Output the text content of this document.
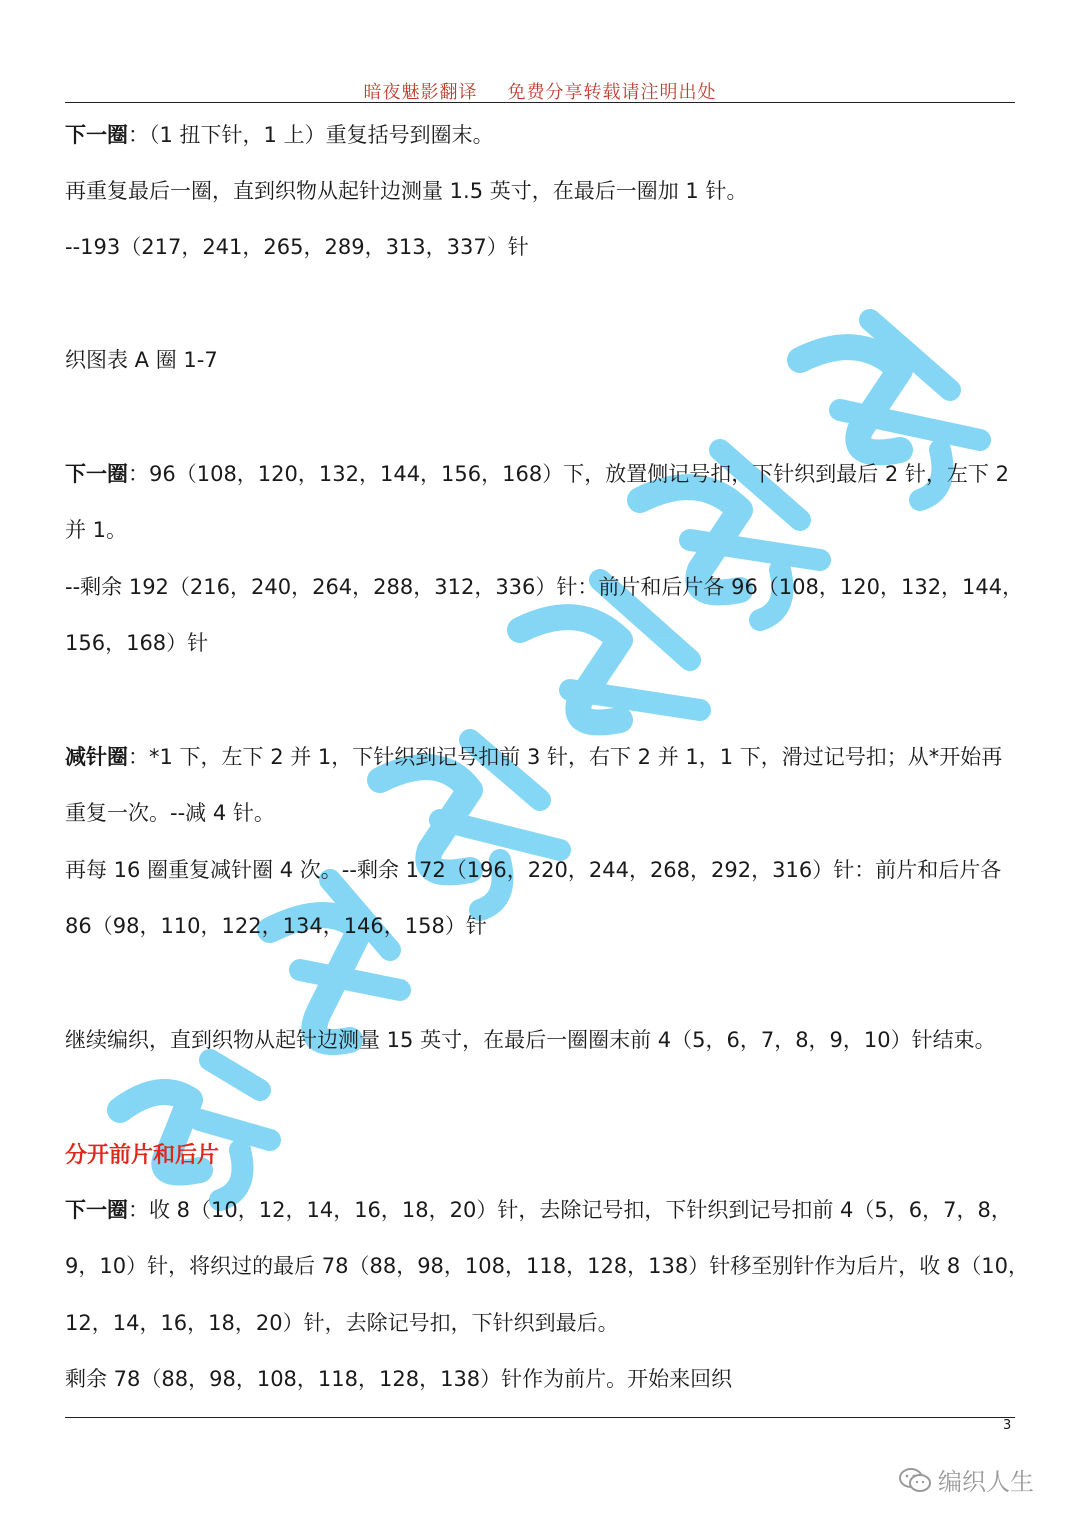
暗夜魅影翻译 免费分享转载请注明出处
下一圈：（1 扭下针，1 上）重复括号到圈末。
再重复最后一圈，直到织物从起针边测量 1.5 英寸，在最后一圈加 1 针。
--193（217，241，265，289，313，337）针
织图表 A 圈 1-7
下一圈：96（108，120，132，144，156，168）下，放置侧记号扣，下针织到最后 2 针，左下 2
并 1。
--剩余 192（216，240，264，288，312，336）针：前片和后片各 96（108，120，132，144，
156，168）针
减针圈：*1 下，左下 2 并 1，下针织到记号扣前 3 针，右下 2 并 1，1 下，滑过记号扣；从*开始再
重复一次。--减 4 针。
再每 16 圈重复减针圈 4 次。--剩余 172（196，220，244，268，292，316）针：前片和后片各
86（98，110，122，134，146，158）针
继续编织，直到织物从起针边测量 15 英寸，在最后一圈圈末前 4（5，6，7，8，9，10）针结束。
分开前片和后片
下一圈：收 8（10，12，14，16，18，20）针，去除记号扣，下针织到记号扣前 4（5，6，7，8，
9，10）针，将织过的最后 78（88，98，108，118，128，138）针移至别针作为后片，收 8（10，
12，14，16，18，20）针，去除记号扣，下针织到最后。
剩余 78（88，98，108，118，128，138）针作为前片。开始来回织
3
编织人生
